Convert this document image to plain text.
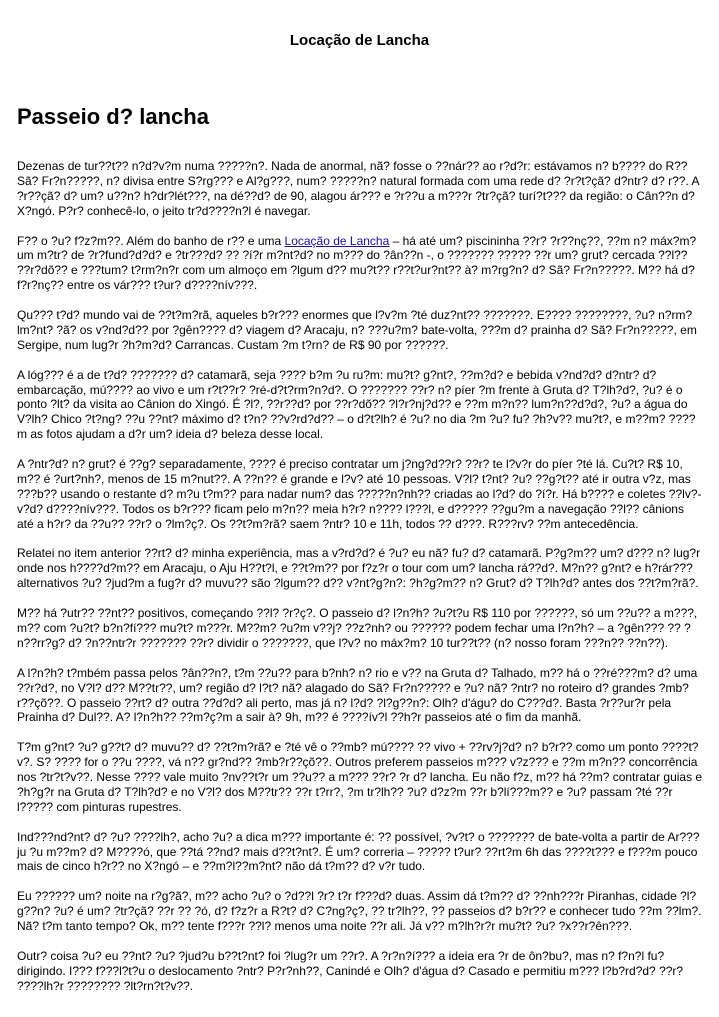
Locação de Lancha
Passeio d? lancha

Dezenas de tur??t?? n?d?v?m numa ?????n?. Nada de anormal, nã? fosse o ??nár?? ao r?d?r: estávamos n? b???? do R?? Sã? Fr?n?????, n? divisa entre S?rg??? e Al?g???, num? ?????n? natural formada com uma rede d? ?r?t?çã? d?ntr? d? r??. A ?r??çã? d? um? u??n? h?dr?lét???, na dé??d? de 90, alagou ár??? e ?r??u a m???r ?tr?çã? turí?t??? da região: o Cân??n d? X?ngó. P?r? conhecê-lo, o jeito tr?d????n?l é navegar.

F?? o ?u? f?z?m??. Além do banho de r?? e uma Locação de Lancha – há até um? piscininha ??r? ?r??nç??, ??m n? máx?m? um m?tr? de ?r?fund?d?d? e ?tr???d? ?? ?í?r m?nt?d? no m??? do ?ân??n -, o ??????? ????? ??r um? grut? cercada ??l?? ??r?dõ?? e ???tum? t?rm?n?r com um almoço em ?lgum d?? mu?t?? r??t?ur?nt?? à? m?rg?n? d? Sã? Fr?n?????. M?? há d?f?r?nç?? entre os vár??? t?ur? d????nív???.

Qu??? t?d? mundo vai de ??t?m?rã, aqueles b?r??? enormes que l?v?m ?té duz?nt?? ???????. E???? ????????, ?u? n?rm?lm?nt? ?ã? os v?nd?d?? por ?gên???? d? viagem d? Aracaju, n? ???u?m? bate-volta, ???m d? prainha d? Sã? Fr?n?????, em Sergipe, num lug?r ?h?m?d? Carrancas. Custam ?m t?rn? de R$ 90 por ??????.

A lóg??? é a de t?d? ??????? d? catamarã, seja ???? b?m ?u ru?m: mu?t? g?nt?, ??m?d? e bebida v?nd?d? d?ntr? d? embarcação, mú???? ao vivo e um r?t??r? ?ré-d?t?rm?n?d?. O ??????? ??r? n? píer ?m frente à Gruta d? T?lh?d?, ?u? é o ponto ?lt? da visita ao Cânion do Xingó. É ?l?, ??r??d? por ??r?dõ?? ?l?r?nj?d?? e ??m m?n?? lum?n??d?d?, ?u? a água do V?lh? Chico ?t?ng? ??u ??nt? máximo d? t?n? ??v?rd?d?? – o d?t?lh? é ?u? no dia ?m ?u? fu? ?h?v?? mu?t?, e m??m? ????m as fotos ajudam a d?r um? ideia d? beleza desse local.

A ?ntr?d? n? grut? é ??g? separadamente, ???? é preciso contratar um j?ng?d??r? ??r? te l?v?r do píer ?té lá. Cu?t? R$ 10, m?? é ?urt?nh?, menos de 15 m?nut??. A ??n?? é grande e l?v? até 10 pessoas. V?l? t?nt? ?u? ??g?t?? até ir outra v?z, mas ???b?? usando o restante d? m?u t?m?? para nadar num? das ?????n?nh?? criadas ao l?d? do ?í?r. Há b???? e coletes ??lv?-v?d? d????nív???. Todos os b?r??? ficam pelo m?n?? meia h?r? n???? l???l, e d????? ??gu?m a navegação ??l?? cânions até a h?r? da ??u?? ??r? o ?lm?ç?. Os ??t?m?rã? saem ?ntr? 10 e 11h, todos ?? d???. R???rv? ??m antecedência.

Relatei no item anterior ??rt? d? minha experiência, mas a v?rd?d? é ?u? eu nã? fu? d? catamarã. P?g?m?? um? d??? n? lug?r onde nos h????d?m?? em Aracaju, o Aju H??t?l, e ??t?m?? por f?z?r o tour com um? lancha rá??d?. M?n?? g?nt? e h?rár??? alternativos ?u? ?jud?m a fug?r d? muvu?? são ?lgum?? d?? v?nt?g?n?: ?h?g?m?? n? Grut? d? T?lh?d? antes dos ??t?m?rã?.

M?? há ?utr?? ??nt?? positivos, começando ??l? ?r?ç?. O passeio d? l?n?h? ?u?t?u R$ 110 por ??????, só um ??u?? a m???, m?? com ?u?t? b?n?fí??? mu?t? m???r. M??m? ?u?m v??j? ??z?nh? ou ?????? podem fechar uma l?n?h? – a ?gên??? ?? ?n??rr?g? d? ?n??ntr?r ??????? ??r? dividir o ???????, que l?v? no máx?m? 10 tur??t?? (n? nosso foram ???n?? ??n??).

A l?n?h? t?mbém passa pelos ?ân??n?, t?m ??u?? para b?nh? n? rio e v?? na Gruta d? Talhado, m?? há o ??ré???m? d? uma ??r?d?, no V?l? d?? M??tr??, um? região d? l?t? nã? alagado do Sã? Fr?n????? e ?u? nã? ?ntr? no roteiro d? grandes ?mb?r??çõ??. O passeio ??rt? d? outra ??d?d? ali perto, mas já n? l?d? ?l?g??n?: Olh? d'águ? do C???d?. Basta ?r??ur?r pela Prainha d? Dul??. A? l?n?h?? ??m?ç?m a sair à? 9h, m?? é ????ív?l ??h?r passeios até o fim da manhã.

T?m g?nt? ?u? g??t? d? muvu?? d? ??t?m?rã? e ?té vê o ??mb? mú???? ?? vivo + ??rv?j?d? n? b?r?? como um ponto ????t?v?. S? ???? for o ??u ????, vá n?? gr?nd?? ?mb?r??çõ??. Outros preferem passeios m??? v?z??? e ??m m?n?? concorrência nos ?tr?t?v??. Nesse ???? vale muito ?nv??t?r um ??u?? a m??? ??r? ?r d? lancha. Eu não f?z, m?? há ??m? contratar guias e ?h?g?r na Gruta d? T?lh?d? e no V?l? dos M??tr?? ??r t?rr?, ?m tr?lh?? ?u? d?z?m ??r b?lí???m?? e ?u? passam ?té ??r l????? com pinturas rupestres.

Ind???nd?nt? d? ?u? ????lh?, acho ?u? a dica m??? importante é: ?? possível, ?v?t? o ??????? de bate-volta a partir de Ar???ju ?u m??m? d? M????ó, que ??tá ??nd? mais d??t?nt?. É um? correria – ????? t?ur? ??rt?m 6h das ????t??? e f???m pouco mais de cinco h?r?? no X?ngó – e ??m?l??m?nt? não dá t?m?? d? v?r tudo.

Eu ?????? um? noite na r?g?ã?, m?? acho ?u? o ?d??l ?r? t?r f???d? duas. Assim dá t?m?? d? ??nh???r Piranhas, cidade ?l?g??n? ?u? é um? ?tr?çã? ??r ?? ?ó, d? f?z?r a R?t? d? C?ng?ç?, ?? tr?lh??, ?? passeios d? b?r?? e conhecer tudo ??m ??lm?. Nã? t?m tanto tempo? Ok, m?? tente f???r ??l? menos uma noite ??r ali. Já v?? m?lh?r?r mu?t? ?u? ?x??r?ên???.

Outr? coisa ?u? eu ??nt? ?u? ?jud?u b??t?nt? foi ?lug?r um ??r?. A ?r?n?í??? a ideia era ?r de ôn?bu?, mas n? f?n?l fu? dirigindo. I??? f???l?t?u o deslocamento ?ntr? P?r?nh??, Canindé e Olh? d'água d? Casado e permitiu m??? l?b?rd?d? ??r? ????lh?r ???????? ?lt?rn?t?v??.
